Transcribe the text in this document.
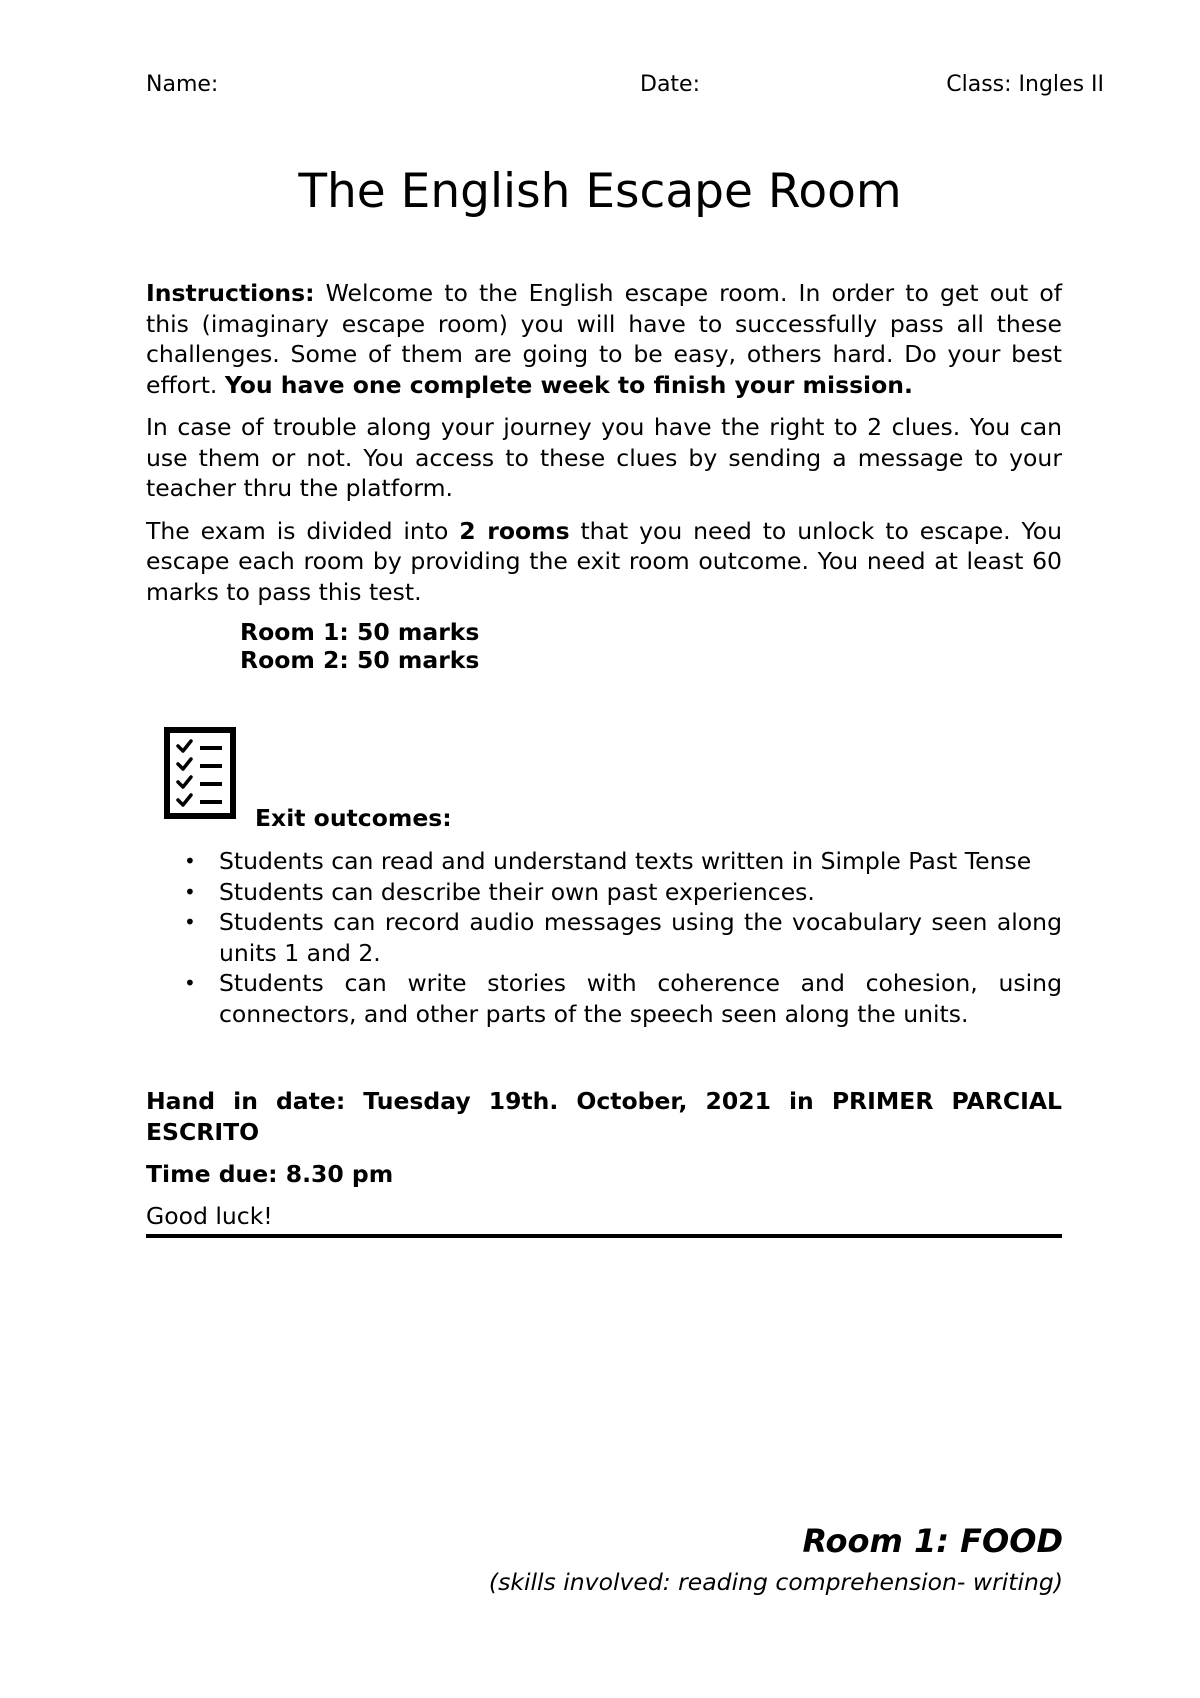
Name:	Date:	Class: Ingles II
The English Escape Room

Instructions: Welcome to the English escape room. In order to get out of this (imaginary escape room) you will have to successfully pass all these challenges. Some of them are going to be easy, others hard. Do your best effort. You have one complete week to finish your mission.

In case of trouble along your journey you have the right to 2 clues. You can use them or not. You access to these clues by sending a message to your teacher thru the platform.

The exam is divided into 2 rooms that you need to unlock to escape. You escape each room by providing the exit room outcome. You need at least 60 marks to pass this test.

Room 1: 50 marks
Room 2: 50 marks
Exit outcomes:
• Students can read and understand texts written in Simple Past Tense
• Students can describe their own past experiences.
• Students can record audio messages using the vocabulary seen along units 1 and 2.
• Students can write stories with coherence and cohesion, using connectors, and other parts of the speech seen along the units.
Hand in date: Tuesday 19th. October, 2021 in PRIMER PARCIAL ESCRITO
Time due: 8.30 pm
Good luck!
Room 1: FOOD
(skills involved: reading comprehension- writing)
